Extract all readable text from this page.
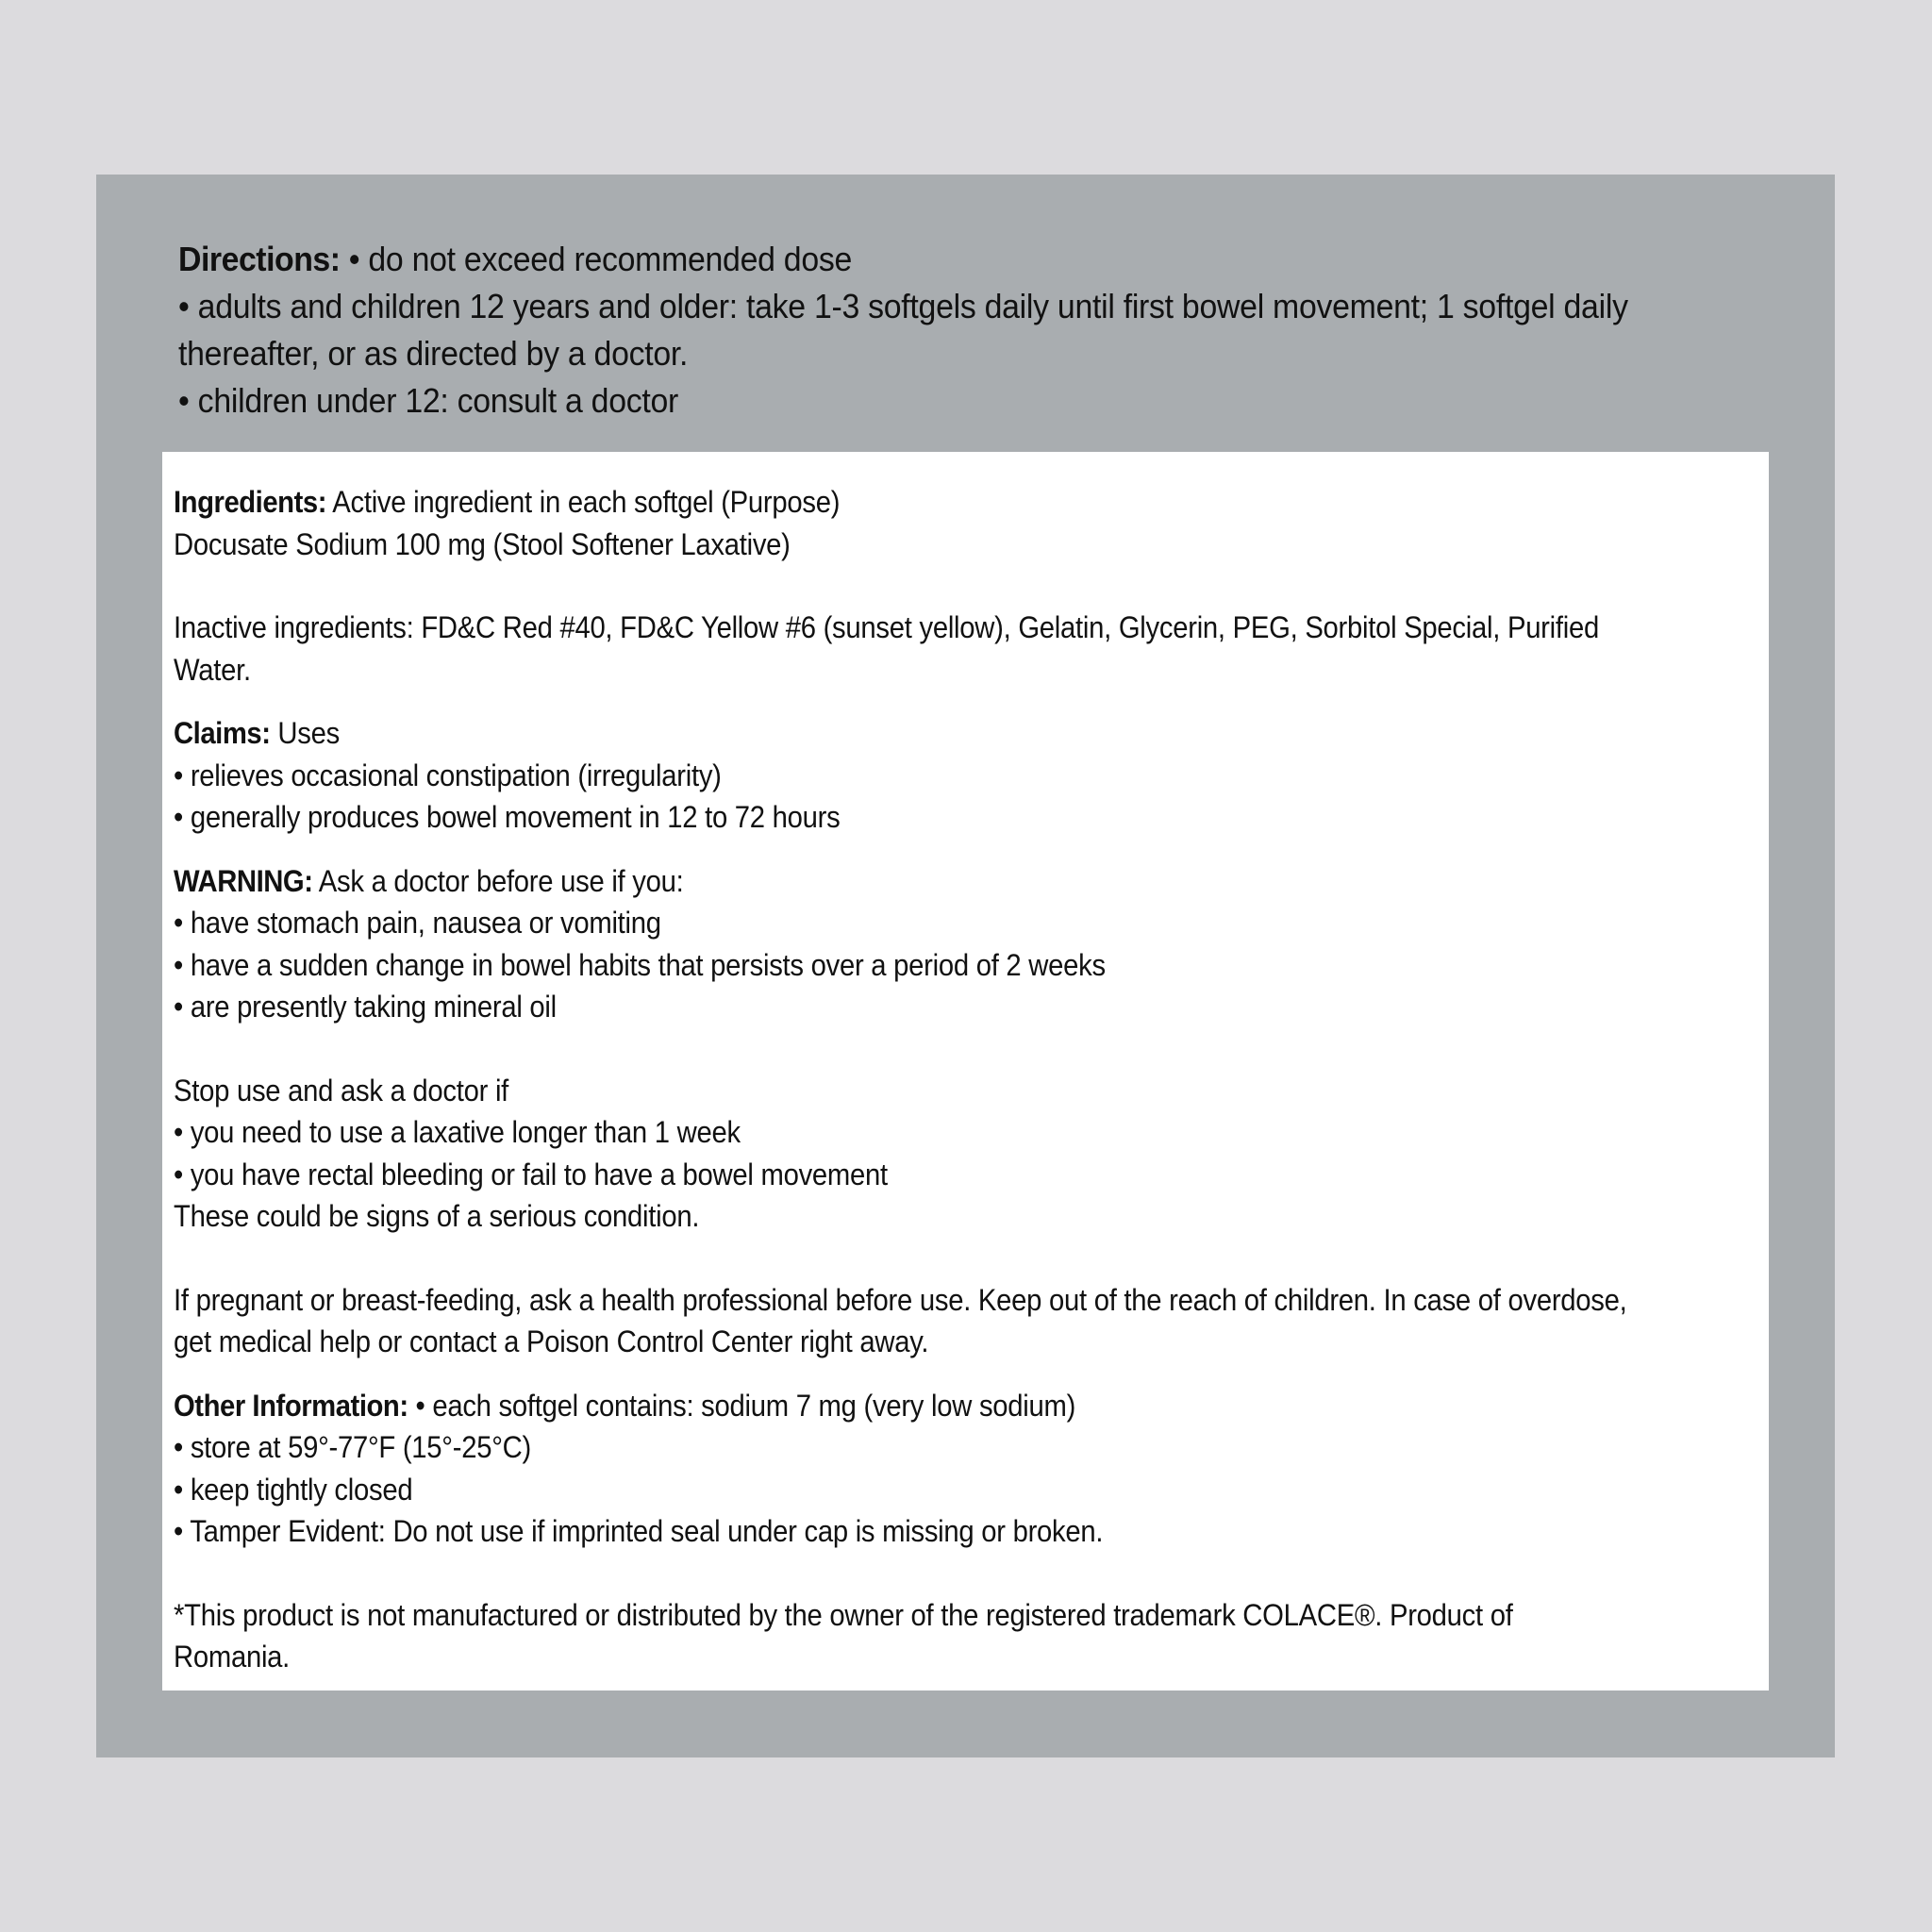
Directions: • do not exceed recommended dose
• adults and children 12 years and older: take 1-3 softgels daily until first bowel movement; 1 softgel daily
thereafter, or as directed by a doctor.
• children under 12: consult a doctor
Ingredients: Active ingredient in each softgel (Purpose)
Docusate Sodium 100 mg (Stool Softener Laxative)
Inactive ingredients: FD&C Red #40, FD&C Yellow #6 (sunset yellow), Gelatin, Glycerin, PEG, Sorbitol Special, Purified
Water.
Claims: Uses
• relieves occasional constipation (irregularity)
• generally produces bowel movement in 12 to 72 hours
WARNING: Ask a doctor before use if you:
• have stomach pain, nausea or vomiting
• have a sudden change in bowel habits that persists over a period of 2 weeks
• are presently taking mineral oil
Stop use and ask a doctor if
• you need to use a laxative longer than 1 week
• you have rectal bleeding or fail to have a bowel movement
These could be signs of a serious condition.
If pregnant or breast-feeding, ask a health professional before use. Keep out of the reach of children. In case of overdose,
get medical help or contact a Poison Control Center right away.
Other Information: • each softgel contains: sodium 7 mg (very low sodium)
• store at 59°-77°F (15°-25°C)
• keep tightly closed
• Tamper Evident: Do not use if imprinted seal under cap is missing or broken.
*This product is not manufactured or distributed by the owner of the registered trademark COLACE®. Product of
Romania.
